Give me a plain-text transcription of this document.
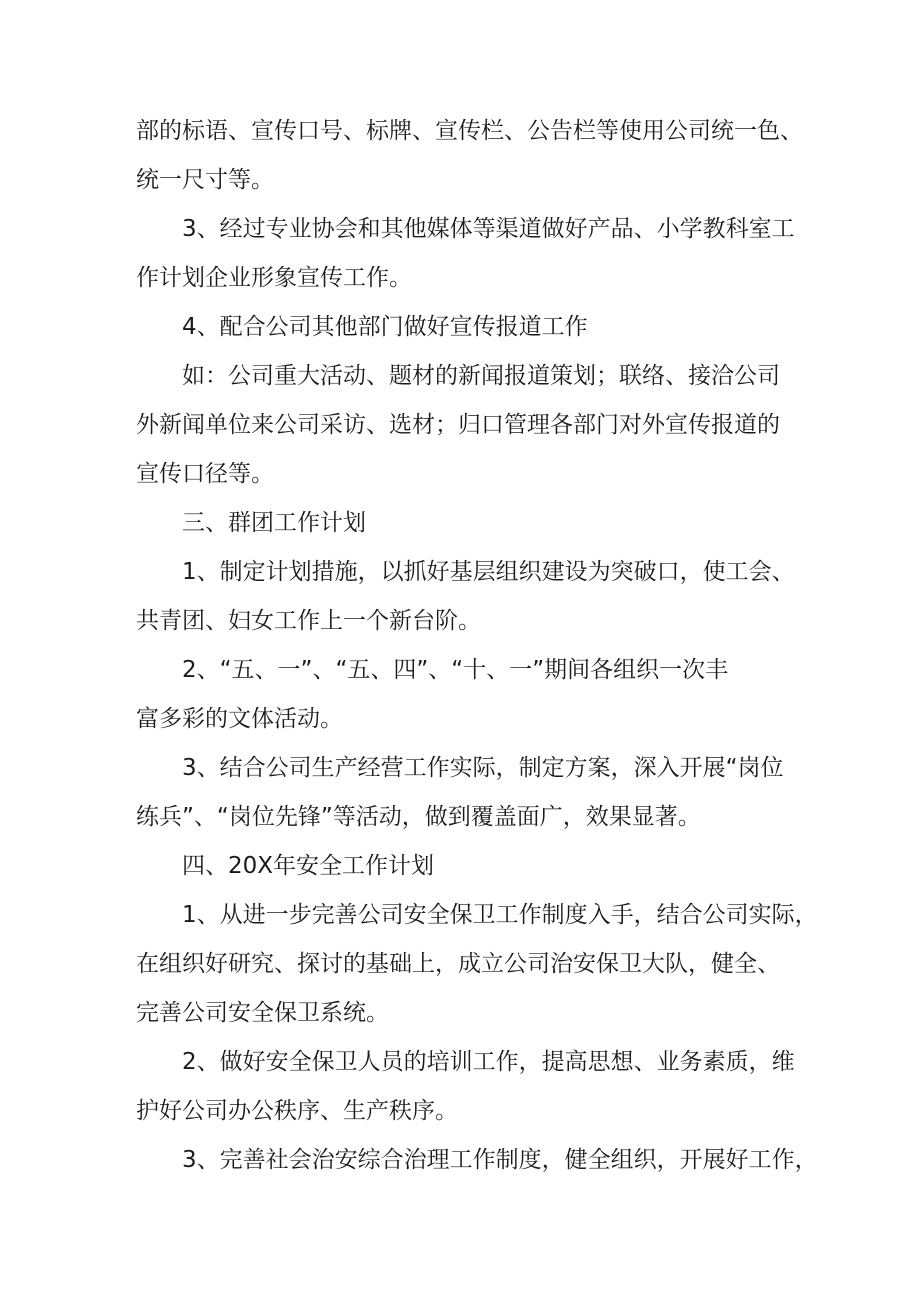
部的标语、宣传口号、标牌、宣传栏、公告栏等使用公司统一色、
统一尺寸等。
3、经过专业协会和其他媒体等渠道做好产品、小学教科室工
作计划企业形象宣传工作。
4、配合公司其他部门做好宣传报道工作
如：公司重大活动、题材的新闻报道策划；联络、接洽公司
外新闻单位来公司采访、选材；归口管理各部门对外宣传报道的
宣传口径等。
三、群团工作计划
1、制定计划措施，以抓好基层组织建设为突破口，使工会、
共青团、妇女工作上一个新台阶。
2、“五、一”、“五、四”、“十、一”期间各组织一次丰
富多彩的文体活动。
3、结合公司生产经营工作实际，制定方案，深入开展“岗位
练兵”、“岗位先锋”等活动，做到覆盖面广，效果显著。
四、20X年安全工作计划
1、从进一步完善公司安全保卫工作制度入手，结合公司实际，
在组织好研究、探讨的基础上，成立公司治安保卫大队，健全、
完善公司安全保卫系统。
2、做好安全保卫人员的培训工作，提高思想、业务素质，维
护好公司办公秩序、生产秩序。
3、完善社会治安综合治理工作制度，健全组织，开展好工作，
